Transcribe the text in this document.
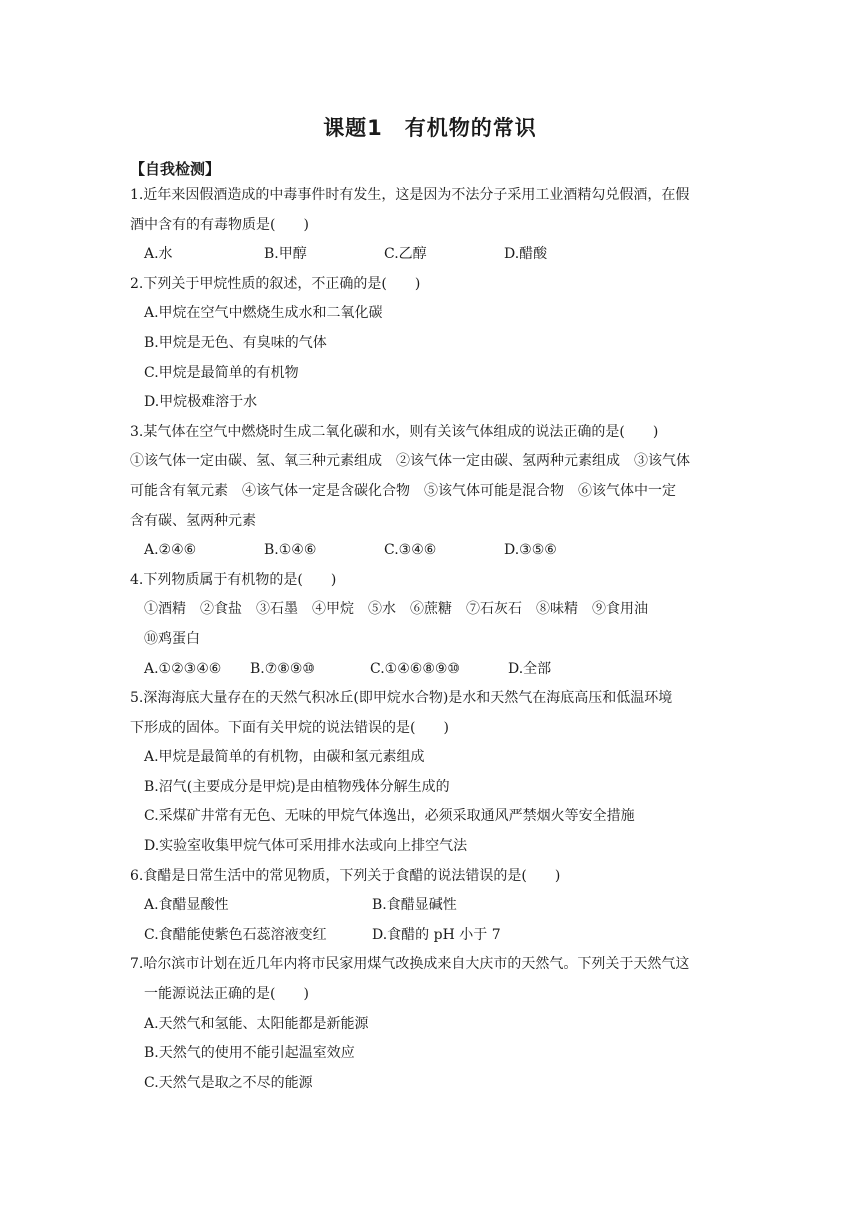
课题1　有机物的常识
【自我检测】
1.近年来因假酒造成的中毒事件时有发生，这是因为不法分子采用工业酒精勾兑假酒，在假
酒中含有的有毒物质是(　　)
A.水	B.甲醇	C.乙醇	D.醋酸
2.下列关于甲烷性质的叙述，不正确的是(　　)
A.甲烷在空气中燃烧生成水和二氧化碳
B.甲烷是无色、有臭味的气体
C.甲烷是最简单的有机物
D.甲烷极难溶于水
3.某气体在空气中燃烧时生成二氧化碳和水，则有关该气体组成的说法正确的是(　　)
①该气体一定由碳、氢、氧三种元素组成　②该气体一定由碳、氢两种元素组成　③该气体
可能含有氧元素　④该气体一定是含碳化合物　⑤该气体可能是混合物　⑥该气体中一定
含有碳、氢两种元素
A.②④⑥	B.①④⑥	C.③④⑥	D.③⑤⑥
4.下列物质属于有机物的是(　　)
①酒精　②食盐　③石墨　④甲烷　⑤水　⑥蔗糖　⑦石灰石　⑧味精　⑨食用油
⑩鸡蛋白
A.①②③④⑥	B.⑦⑧⑨⑩	C.①④⑥⑧⑨⑩	D.全部
5.深海海底大量存在的天然气积冰丘(即甲烷水合物)是水和天然气在海底高压和低温环境
下形成的固体。下面有关甲烷的说法错误的是(　　)
A.甲烷是最简单的有机物，由碳和氢元素组成
B.沼气(主要成分是甲烷)是由植物残体分解生成的
C.采煤矿井常有无色、无味的甲烷气体逸出，必须采取通风严禁烟火等安全措施
D.实验室收集甲烷气体可采用排水法或向上排空气法
6.食醋是日常生活中的常见物质，下列关于食醋的说法错误的是(　　)
A.食醋显酸性	B.食醋显碱性
C.食醋能使紫色石蕊溶液变红	D.食醋的 pH 小于 7
7.哈尔滨市计划在近几年内将市民家用煤气改换成来自大庆市的天然气。下列关于天然气这
一能源说法正确的是(　　)
A.天然气和氢能、太阳能都是新能源
B.天然气的使用不能引起温室效应
C.天然气是取之不尽的能源
